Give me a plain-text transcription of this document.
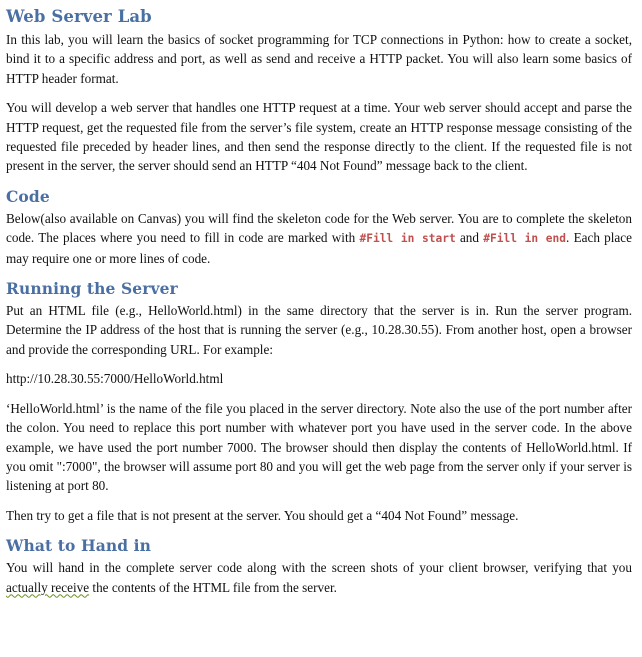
Web Server Lab

In this lab, you will learn the basics of socket programming for TCP connections in Python: how to create a socket, bind it to a specific address and port, as well as send and receive a HTTP packet. You will also learn some basics of HTTP header format.

You will develop a web server that handles one HTTP request at a time. Your web server should accept and parse the HTTP request, get the requested file from the server’s file system, create an HTTP response message consisting of the requested file preceded by header lines, and then send the response directly to the client. If the requested file is not present in the server, the server should send an HTTP “404 Not Found” message back to the client.

Code

Below(also available on Canvas) you will find the skeleton code for the Web server. You are to complete the skeleton code. The places where you need to fill in code are marked with #Fill in start and #Fill in end. Each place may require one or more lines of code.

Running the Server

Put an HTML file (e.g., HelloWorld.html) in the same directory that the server is in. Run the server program. Determine the IP address of the host that is running the server (e.g., 10.28.30.55). From another host, open a browser and provide the corresponding URL. For example:

http://10.28.30.55:7000/HelloWorld.html

‘HelloWorld.html’ is the name of the file you placed in the server directory. Note also the use of the port number after the colon. You need to replace this port number with whatever port you have used in the server code. In the above example, we have used the port number 7000. The browser should then display the contents of HelloWorld.html. If you omit ":7000", the browser will assume port 80 and you will get the web page from the server only if your server is listening at port 80.

Then try to get a file that is not present at the server. You should get a “404 Not Found” message.

What to Hand in

You will hand in the complete server code along with the screen shots of your client browser, verifying that you actually receive the contents of the HTML file from the server.
